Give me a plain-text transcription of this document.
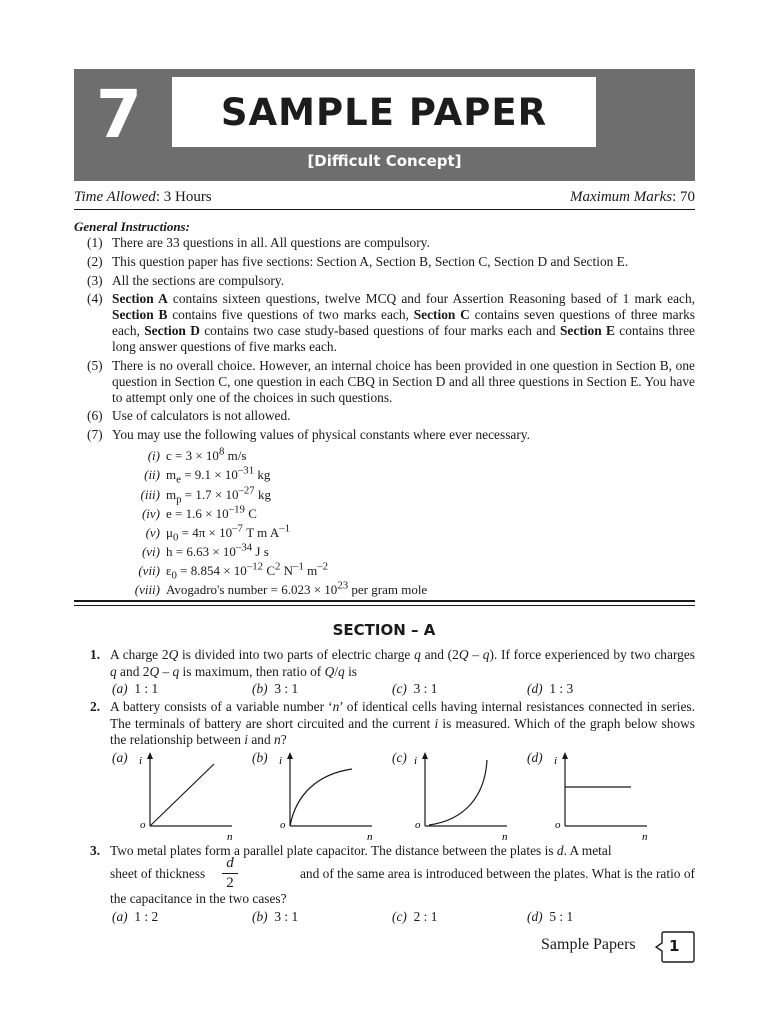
7 SAMPLE PAPER
[Difficult Concept]
Time Allowed: 3 Hours	Maximum Marks: 70
General Instructions:
(1) There are 33 questions in all. All questions are compulsory.
(2) This question paper has five sections: Section A, Section B, Section C, Section D and Section E.
(3) All the sections are compulsory.
(4) Section A contains sixteen questions, twelve MCQ and four Assertion Reasoning based of 1 mark each, Section B contains five questions of two marks each, Section C contains seven questions of three marks each, Section D contains two case study-based questions of four marks each and Section E contains three long answer questions of five marks each.
(5) There is no overall choice. However, an internal choice has been provided in one question in Section B, one question in Section C, one question in each CBQ in Section D and all three questions in Section E. You have to attempt only one of the choices in such questions.
(6) Use of calculators is not allowed.
(7) You may use the following values of physical constants where ever necessary.
(i) $c = 3 \times 10^8$ m/s
(ii) $m_e = 9.1 \times 10^{-31}$ kg
(iii) $m_p = 1.7 \times 10^{-27}$ kg
(iv) $e = 1.6 \times 10^{-19}$ C
(v) $\mu_0 = 4\pi \times 10^{-7}$ T m $A^{-1}$
(vi) $h = 6.63 \times 10^{-34}$ J s
(vii) $\varepsilon_0 = 8.854 \times 10^{-12}$ $C^2$ $N^{-1}$ $m^{-2}$
(viii) Avogadro's number = $6.023 \times 10^{23}$ per gram mole
SECTION – A
1. A charge 2Q is divided into two parts of electric charge q and (2Q – q). If force experienced by two charges q and 2Q – q is maximum, then ratio of Q/q is
(a) 1 : 1	(b) 3 : 1	(c) 3 : 1	(d) 1 : 3
2. A battery consists of a variable number ‘n’ of identical cells having internal resistances connected in series. The terminals of battery are short circuited and the current i is measured. Which of the graph below shows the relationship between i and n?
(a)	(b)	(c)	(d)
i
o
n
i
o
n
i
o
n
i
o
n
3. Two metal plates form a parallel plate capacitor. The distance between the plates is d. A metal
sheet of thickness	and of the same area is introduced between the plates. What is the ratio of
d
2
the capacitance in the two cases?
(a) 1 : 2	(b) 3 : 1	(c) 2 : 1	(d) 5 : 1
Sample Papers 1
